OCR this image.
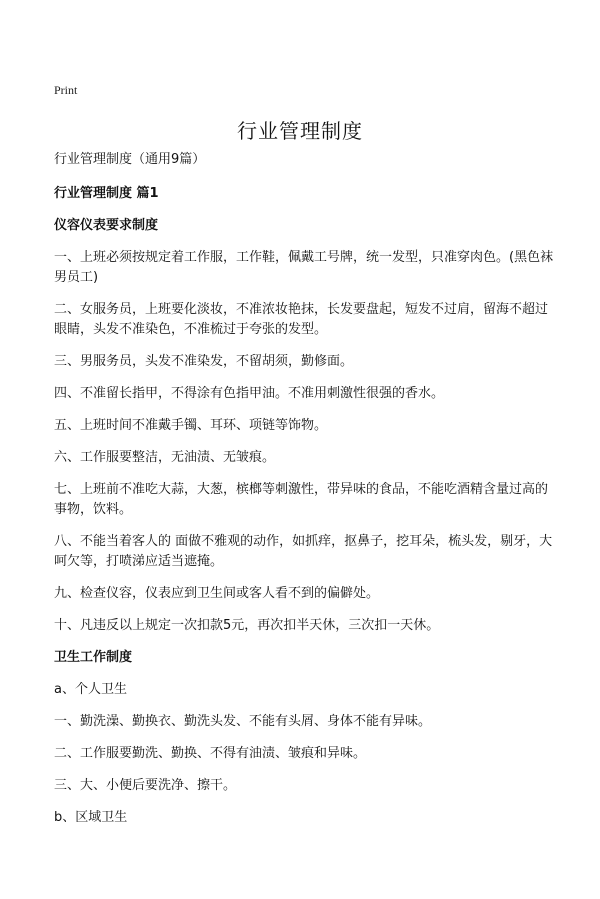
Print
行业管理制度

行业管理制度（通用9篇）

行业管理制度 篇1

仪容仪表要求制度

一、上班必须按规定着工作服，工作鞋，佩戴工号牌，统一发型，只准穿肉色。(黑色袜男员工)

二、女服务员，上班要化淡妆，不准浓妆艳抹，长发要盘起，短发不过肩，留海不超过眼睛，头发不准染色，不准梳过于夸张的发型。

三、男服务员，头发不准染发，不留胡须，勤修面。

四、不准留长指甲，不得涂有色指甲油。不准用刺激性很强的香水。

五、上班时间不准戴手镯、耳环、项链等饰物。

六、工作服要整洁，无油渍、无皱痕。

七、上班前不准吃大蒜，大葱，槟榔等刺激性，带异味的食品，不能吃酒精含量过高的事物，饮料。

八、不能当着客人的 面做不雅观的动作，如抓痒，抠鼻子，挖耳朵，梳头发，剔牙，大呵欠等，打喷涕应适当遮掩。

九、检查仪容，仪表应到卫生间或客人看不到的偏僻处。

十、凡违反以上规定一次扣款5元，再次扣半天休，三次扣一天休。

卫生工作制度

a、个人卫生

一、勤洗澡、勤换衣、勤洗头发、不能有头屑、身体不能有异味。

二、工作服要勤洗、勤换、不得有油渍、皱痕和异味。

三、大、小便后要洗净、擦干。

b、区域卫生
